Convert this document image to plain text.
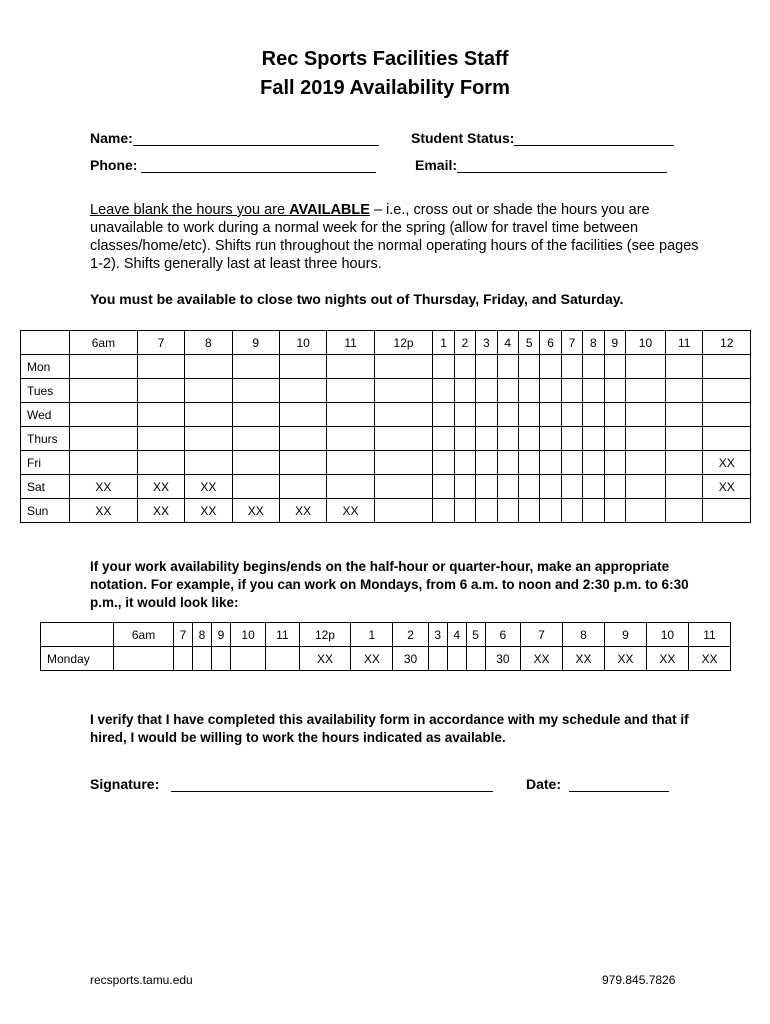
Rec Sports Facilities Staff
Fall 2019 Availability Form
Name:	Student Status:
Phone:	Email:
Leave blank the hours you are AVAILABLE – i.e., cross out or shade the hours you are unavailable to work during a normal week for the spring (allow for travel time between classes/home/etc). Shifts run throughout the normal operating hours of the facilities (see pages 1-2). Shifts generally last at least three hours.
You must be available to close two nights out of Thursday, Friday, and Saturday.
	6am	7	8	9	10	11	12p	1	2	3	4	5	6	7	8	9	10	11	12
Mon																			
Tues																			
Wed																			
Thurs																			
Fri																			XX
Sat	XX	XX	XX																XX
Sun	XX	XX	XX	XX	XX	XX													
If your work availability begins/ends on the half-hour or quarter-hour, make an appropriate notation. For example, if you can work on Mondays, from 6 a.m. to noon and 2:30 p.m. to 6:30 p.m., it would look like:
	6am	7	8	9	10	11	12p	1	2	3	4	5	6	7	8	9	10	11
Monday							XX	XX	30				30	XX	XX	XX	XX	XX
I verify that I have completed this availability form in accordance with my schedule and that if hired, I would be willing to work the hours indicated as available.
Signature:	Date:
recsports.tamu.edu	979.845.7826
